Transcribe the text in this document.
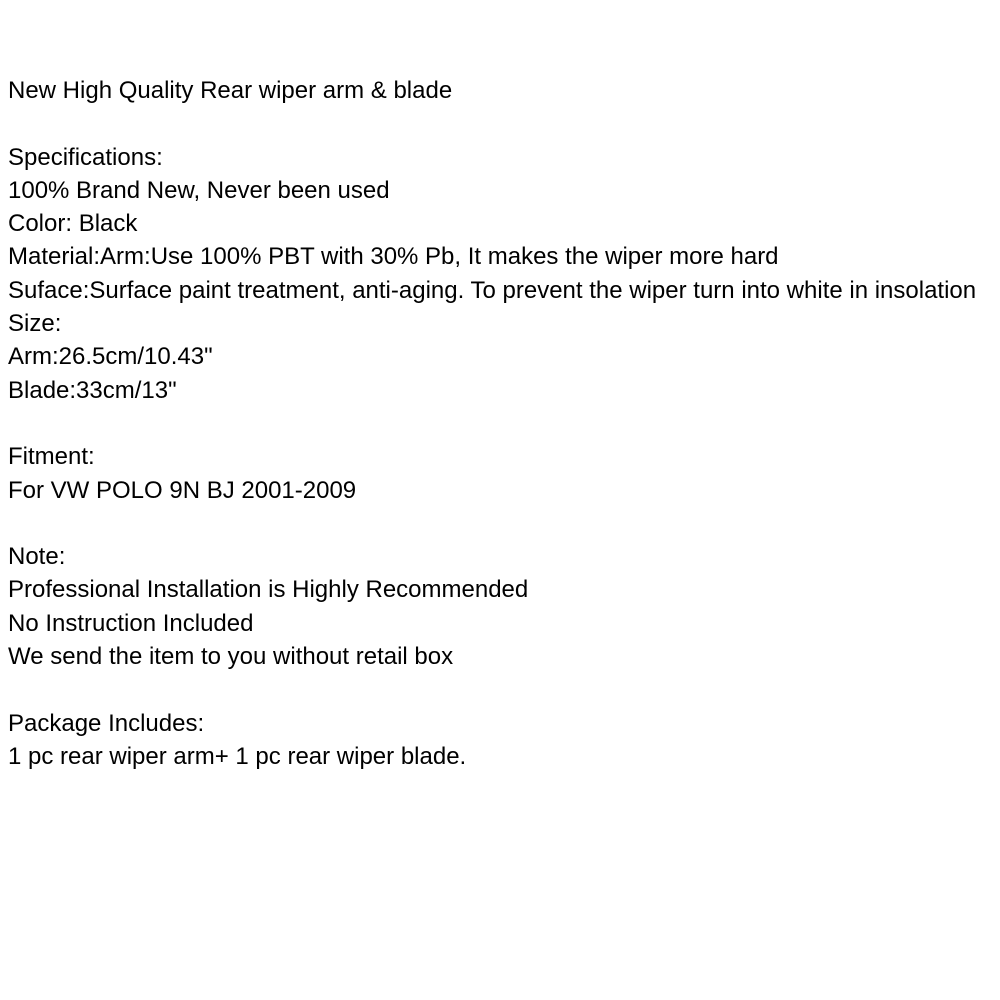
New High Quality Rear wiper arm & blade

Specifications:

100% Brand New, Never been used

Color: Black

Material:Arm:Use 100% PBT with 30% Pb, It makes the wiper more hard

Suface:Surface paint treatment, anti-aging. To prevent the wiper turn into white in insolation

Size:

Arm:26.5cm/10.43"

Blade:33cm/13"

Fitment:

For VW POLO 9N BJ 2001-2009

Note:

Professional Installation is Highly Recommended

No Instruction Included

We send the item to you without retail box

Package Includes:

1 pc rear wiper arm+ 1 pc rear wiper blade.
